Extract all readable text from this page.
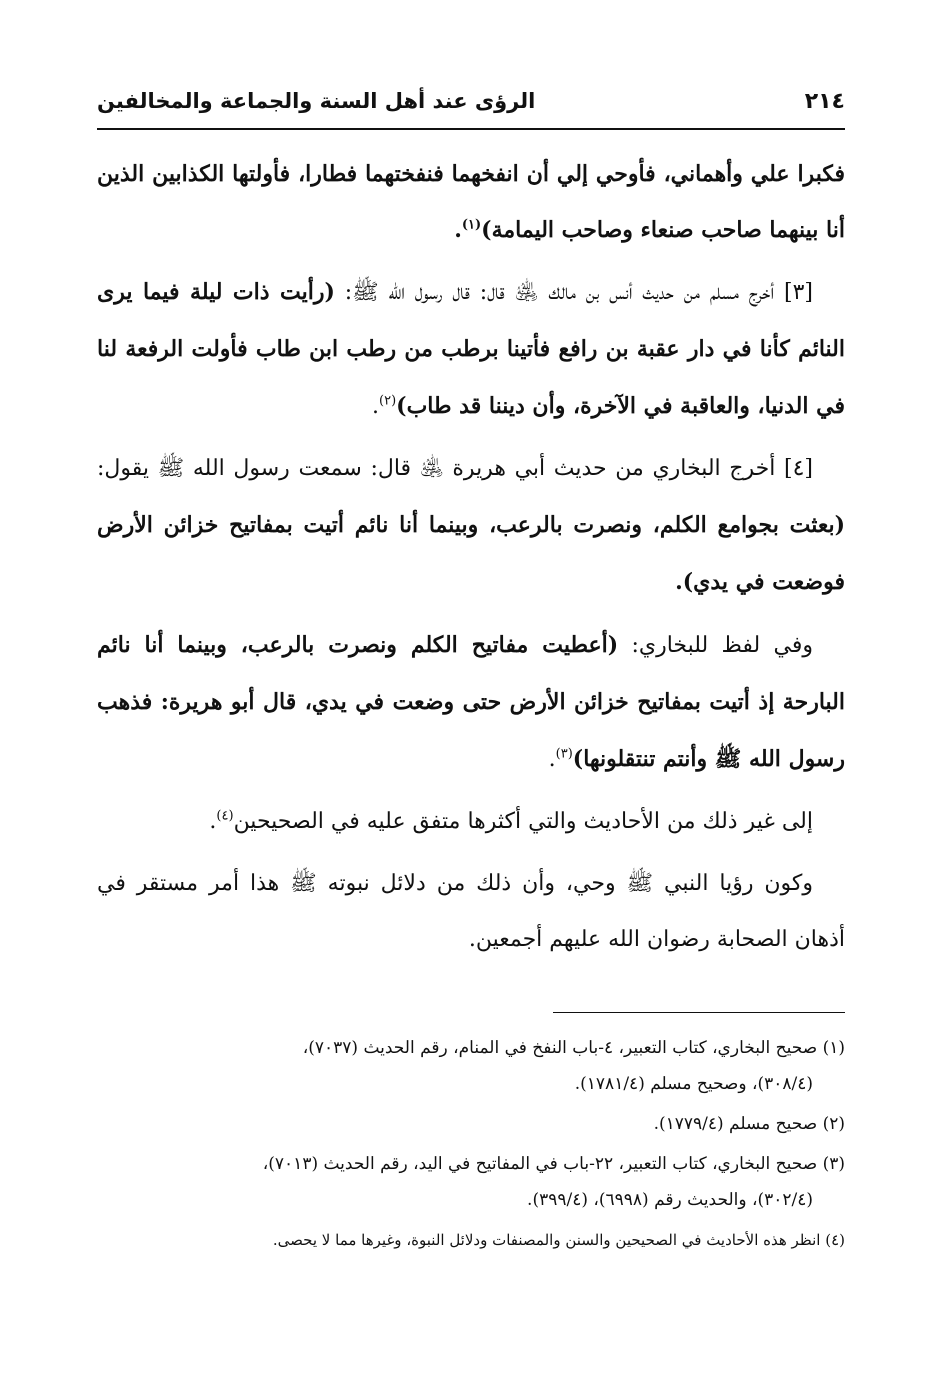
٢١٤
الرؤى عند أهل السنة والجماعة والمخالفين

فكبرا علي وأهماني، فأوحي إلي أن انفخهما فنفختهما فطارا، فأولتها الكذابين الذين أنا بينهما صاحب صنعاء وصاحب اليمامة)$^{(١)}$.

[٣] أخرج مسلم من حديث أنس بن مالك ﵁ قال: قال رسول الله ﷺ: (رأيت ذات ليلة فيما يرى النائم كأنا في دار عقبة بن رافع فأتينا برطب من رطب ابن طاب فأولت الرفعة لنا في الدنيا، والعاقبة في الآخرة، وأن ديننا قد طاب)$^{(٢)}$.

[٤] أخرج البخاري من حديث أبي هريرة ﵁ قال: سمعت رسول الله ﷺ يقول: (بعثت بجوامع الكلم، ونصرت بالرعب، وبينما أنا نائم أتيت بمفاتيح خزائن الأرض فوضعت في يدي).

وفي لفظ للبخاري: (أعطيت مفاتيح الكلم ونصرت بالرعب، وبينما أنا نائم البارحة إذ أتيت بمفاتيح خزائن الأرض حتى وضعت في يدي، قال أبو هريرة: فذهب رسول الله ﷺ وأنتم تنتقلونها)$^{(٣)}$.

إلى غير ذلك من الأحاديث والتي أكثرها متفق عليه في الصحيحين$^{(٤)}$.

وكون رؤيا النبي ﷺ وحي، وأن ذلك من دلائل نبوته ﷺ هذا أمر مستقر في أذهان الصحابة رضوان الله عليهم أجمعين.

(١) صحيح البخاري، كتاب التعبير، ٤-باب النفخ في المنام، رقم الحديث (٧٠٣٧)،
(٣٠٨/٤)، وصحيح مسلم (١٧٨١/٤).
(٢) صحيح مسلم (١٧٧٩/٤).
(٣) صحيح البخاري، كتاب التعبير، ٢٢-باب في المفاتيح في اليد، رقم الحديث (٧٠١٣)،
(٣٠٢/٤)، والحديث رقم (٦٩٩٨)، (٣٩٩/٤).
(٤) انظر هذه الأحاديث في الصحيحين والسنن والمصنفات ودلائل النبوة، وغيرها مما لا يحصى.
